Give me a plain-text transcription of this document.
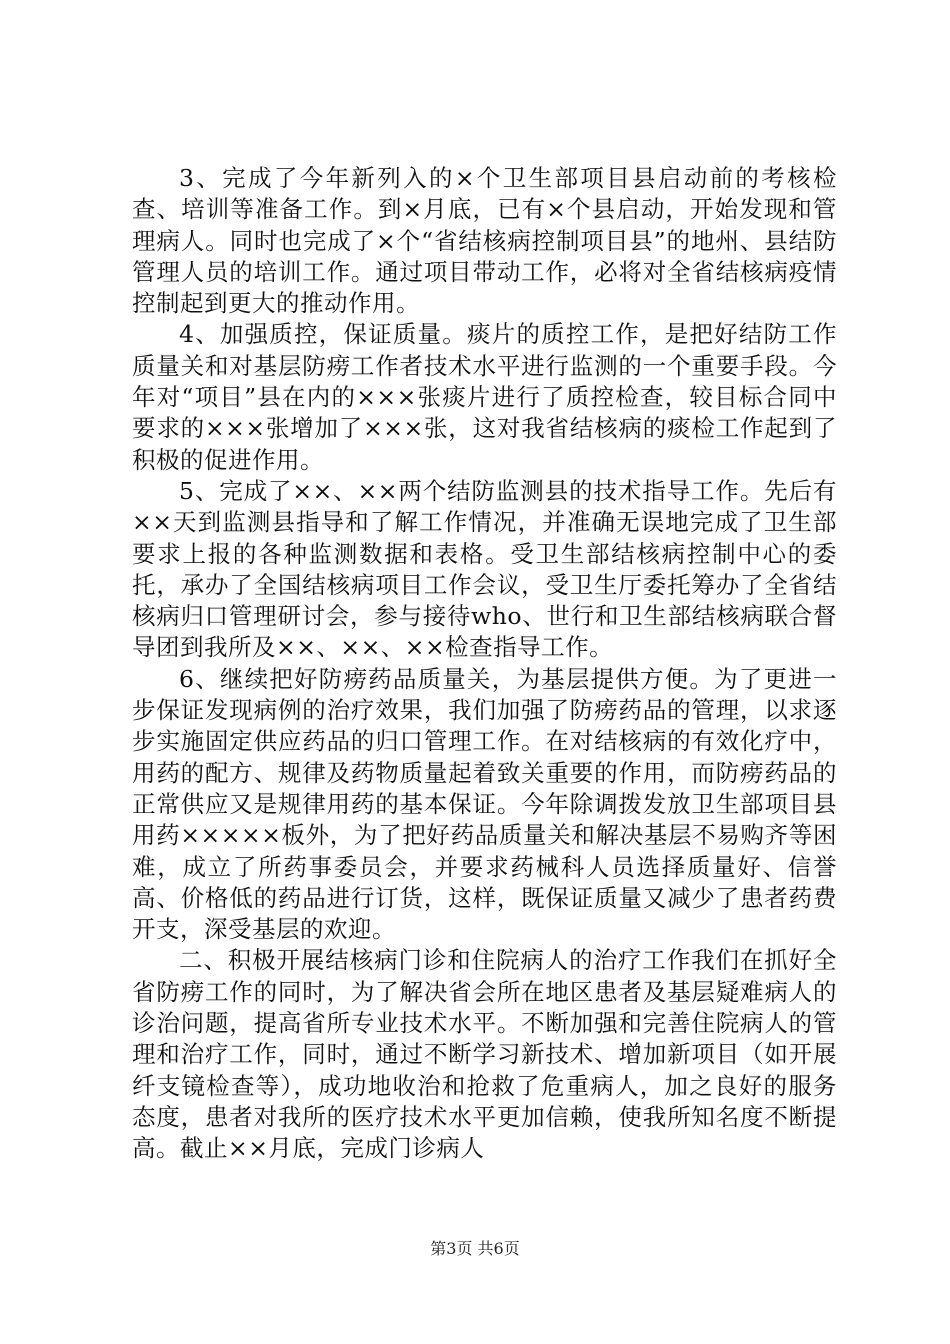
3、完成了今年新列入的×个卫生部项目县启动前的考核检查、培训等准备工作。到×月底，已有×个县启动，开始发现和管理病人。同时也完成了×个“省结核病控制项目县”的地州、县结防管理人员的培训工作。通过项目带动工作，必将对全省结核病疫情控制起到更大的推动作用。

4、加强质控，保证质量。痰片的质控工作，是把好结防工作质量关和对基层防痨工作者技术水平进行监测的一个重要手段。今年对“项目”县在内的×××张痰片进行了质控检查，较目标合同中要求的×××张增加了×××张，这对我省结核病的痰检工作起到了积极的促进作用。

5、完成了××、××两个结防监测县的技术指导工作。先后有××天到监测县指导和了解工作情况，并准确无误地完成了卫生部要求上报的各种监测数据和表格。受卫生部结核病控制中心的委托，承办了全国结核病项目工作会议，受卫生厅委托筹办了全省结核病归口管理研讨会，参与接待who、世行和卫生部结核病联合督导团到我所及××、××、××检查指导工作。

6、继续把好防痨药品质量关，为基层提供方便。为了更进一步保证发现病例的治疗效果，我们加强了防痨药品的管理，以求逐步实施固定供应药品的归口管理工作。在对结核病的有效化疗中，用药的配方、规律及药物质量起着致关重要的作用，而防痨药品的正常供应又是规律用药的基本保证。今年除调拨发放卫生部项目县用药×××××板外，为了把好药品质量关和解决基层不易购齐等困难，成立了所药事委员会，并要求药械科人员选择质量好、信誉高、价格低的药品进行订货，这样，既保证质量又减少了患者药费开支，深受基层的欢迎。

二、积极开展结核病门诊和住院病人的治疗工作我们在抓好全省防痨工作的同时，为了解决省会所在地区患者及基层疑难病人的诊治问题，提高省所专业技术水平。不断加强和完善住院病人的管理和治疗工作，同时，通过不断学习新技术、增加新项目（如开展纤支镜检查等），成功地收治和抢救了危重病人，加之良好的服务态度，患者对我所的医疗技术水平更加信赖，使我所知名度不断提高。截止××月底，完成门诊病人

第3页 共6页
